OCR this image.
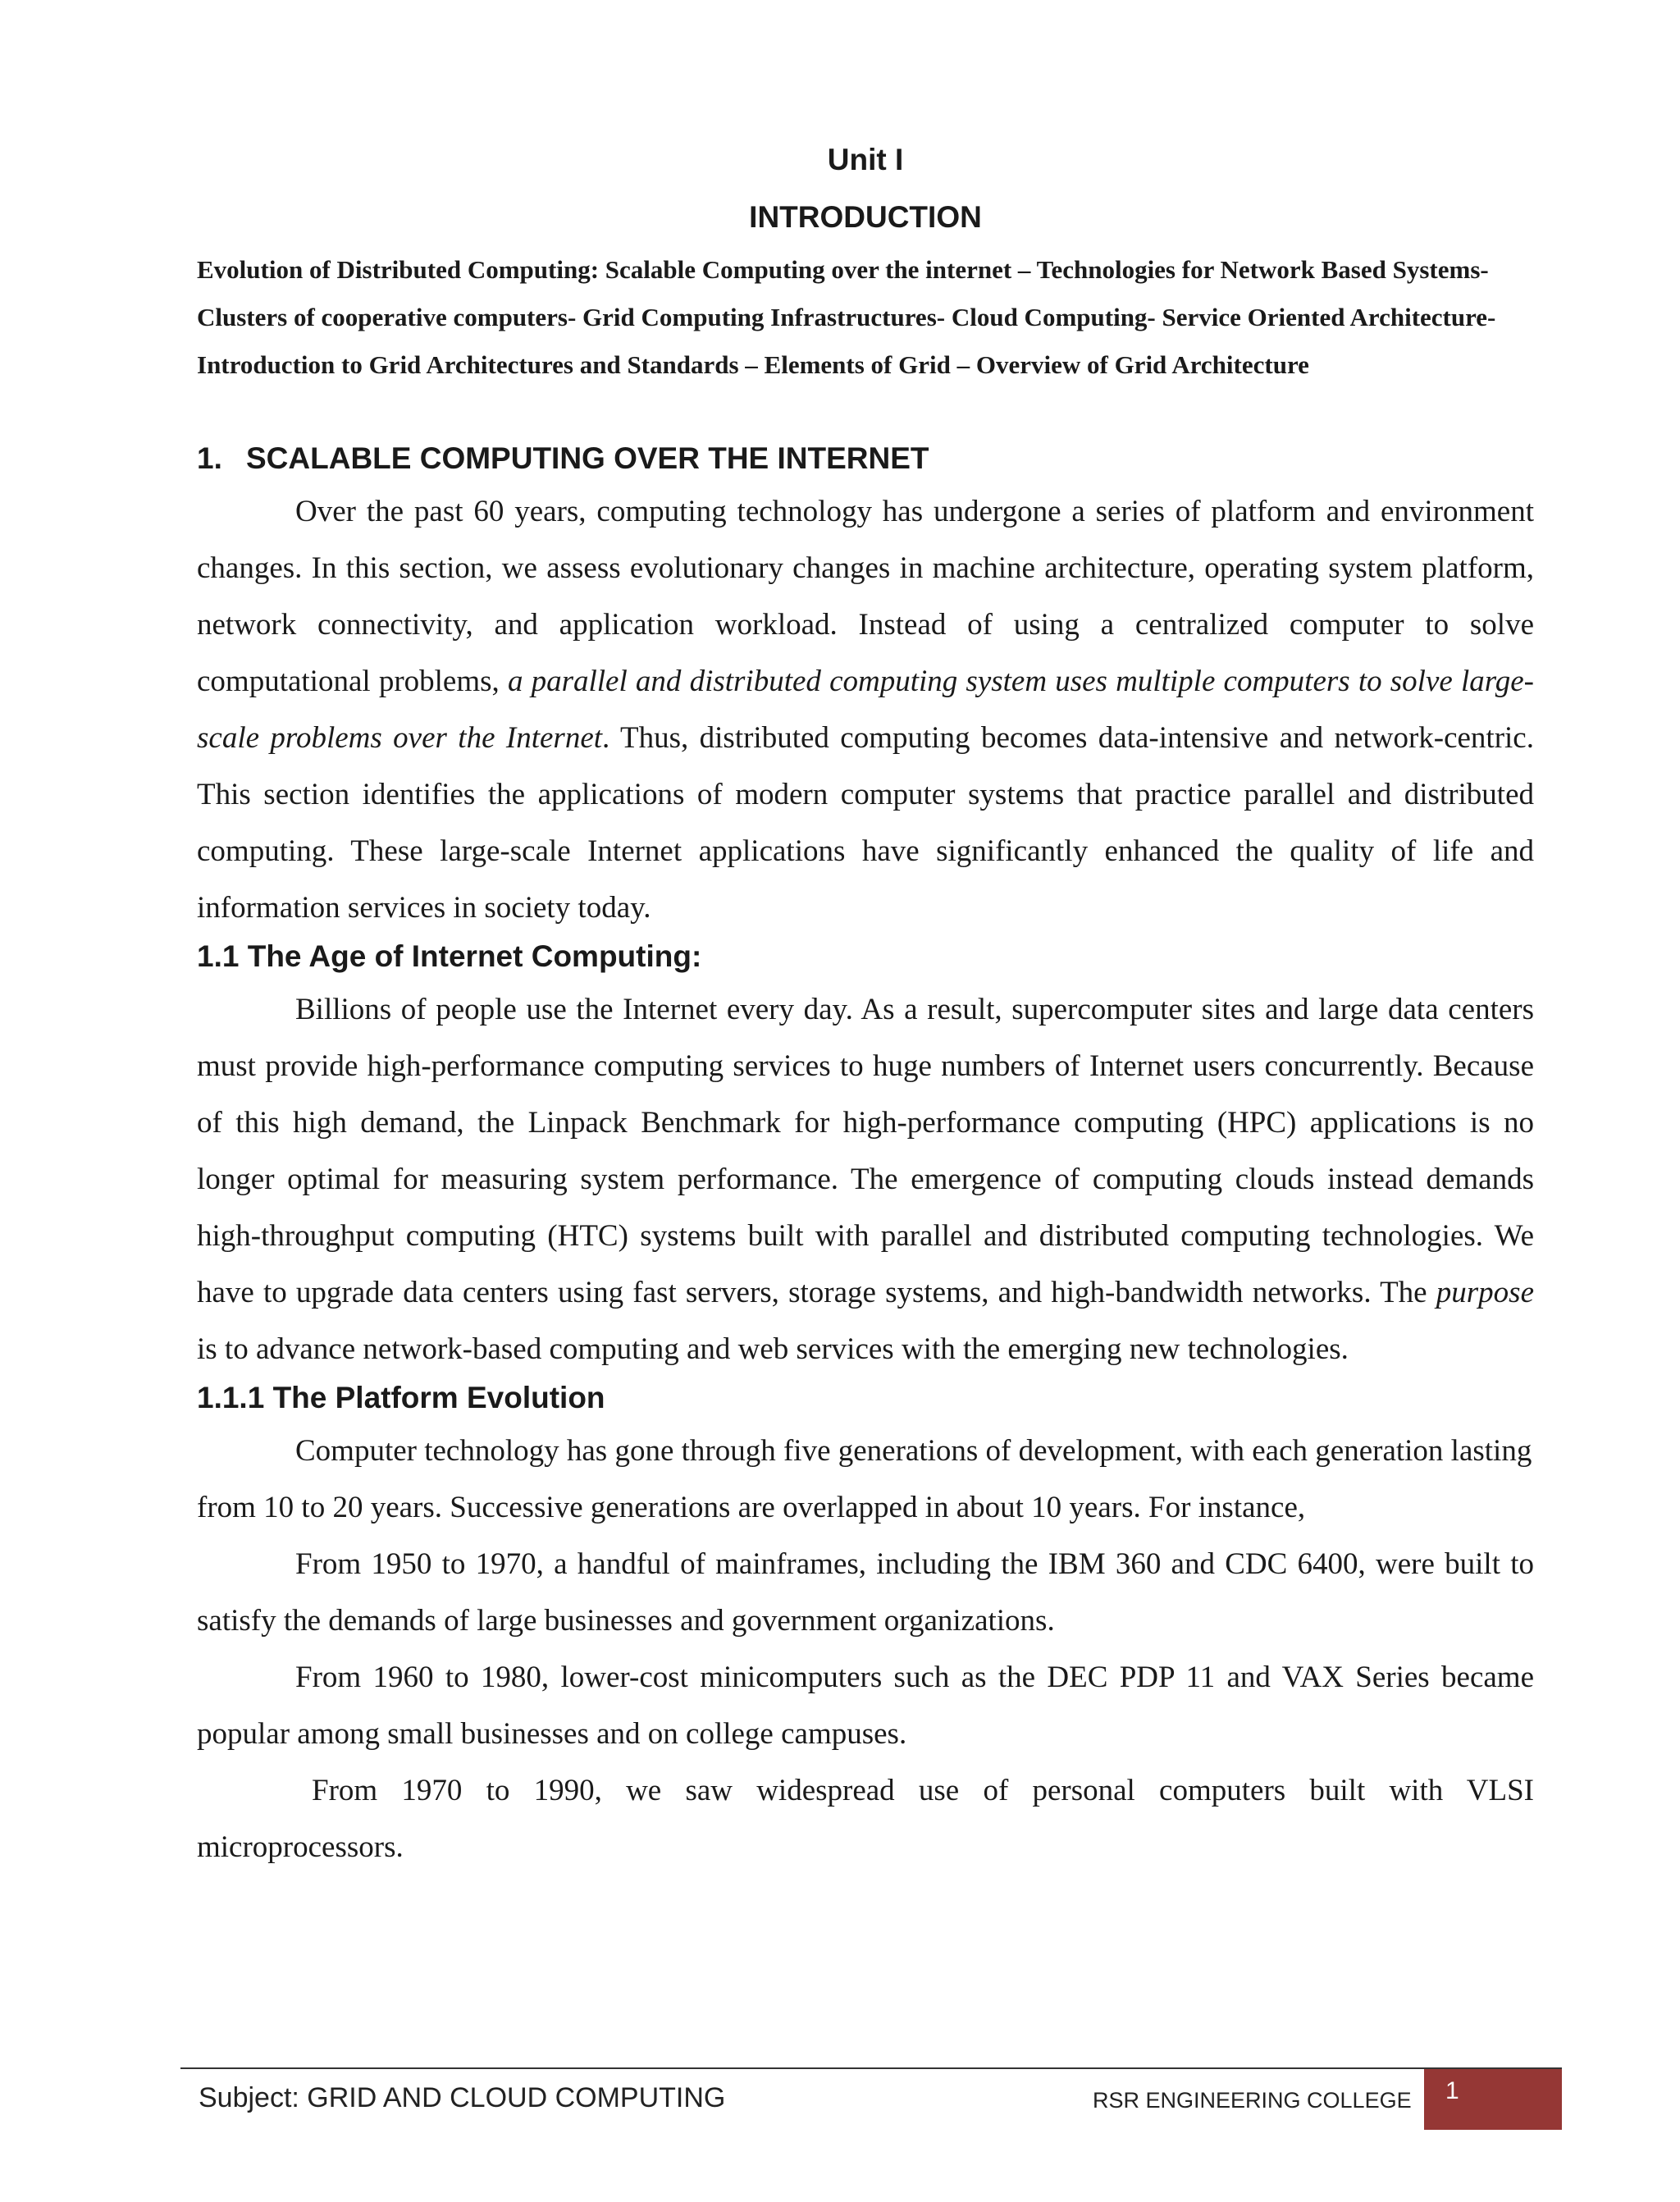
Unit I
INTRODUCTION

Evolution of Distributed Computing: Scalable Computing over the internet – Technologies for Network Based Systems- Clusters of cooperative computers- Grid Computing Infrastructures- Cloud Computing- Service Oriented Architecture- Introduction to Grid Architectures and Standards – Elements of Grid – Overview of Grid Architecture

1. SCALABLE COMPUTING OVER THE INTERNET

Over the past 60 years, computing technology has undergone a series of platform and environment changes. In this section, we assess evolutionary changes in machine architecture, operating system platform, network connectivity, and application workload. Instead of using a centralized computer to solve computational problems, a parallel and distributed computing system uses multiple computers to solve large-scale problems over the Internet. Thus, distributed computing becomes data-intensive and network-centric. This section identifies the applications of modern computer systems that practice parallel and distributed computing. These large-scale Internet applications have significantly enhanced the quality of life and information services in society today.

1.1 The Age of Internet Computing:

Billions of people use the Internet every day. As a result, supercomputer sites and large data centers must provide high-performance computing services to huge numbers of Internet users concurrently. Because of this high demand, the Linpack Benchmark for high-performance computing (HPC) applications is no longer optimal for measuring system performance. The emergence of computing clouds instead demands high-throughput computing (HTC) systems built with parallel and distributed computing technologies. We have to upgrade data centers using fast servers, storage systems, and high-bandwidth networks. The purpose is to advance network-based computing and web services with the emerging new technologies.

1.1.1 The Platform Evolution

Computer technology has gone through five generations of development, with each generation lasting from 10 to 20 years. Successive generations are overlapped in about 10 years. For instance,

From 1950 to 1970, a handful of mainframes, including the IBM 360 and CDC 6400, were built to satisfy the demands of large businesses and government organizations.

From 1960 to 1980, lower-cost minicomputers such as the DEC PDP 11 and VAX Series became popular among small businesses and on college campuses.

From 1970 to 1990, we saw widespread use of personal computers built with VLSI microprocessors.

Subject: GRID AND CLOUD COMPUTING	RSR ENGINEERING COLLEGE 1
